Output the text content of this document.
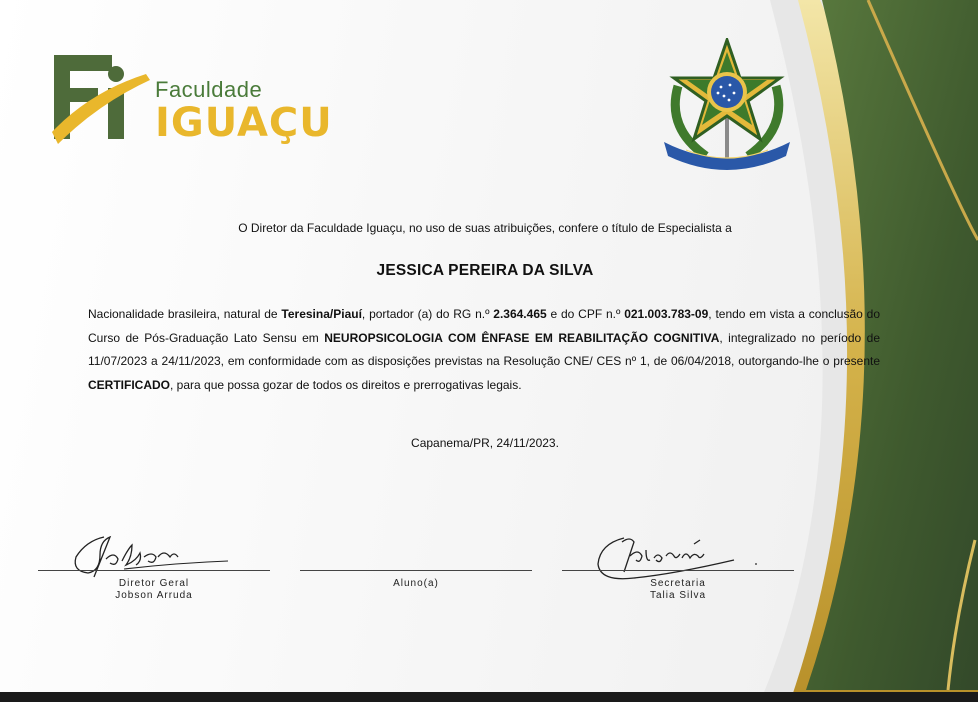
Faculdade
IGUAÇU
O Diretor da Faculdade Iguaçu, no uso de suas atribuições, confere o título de Especialista a
JESSICA PEREIRA DA SILVA
Nacionalidade brasileira, natural de Teresina/Piauí, portador (a) do RG n.º 2.364.465 e do CPF n.º 021.003.783-09, tendo em vista a conclusão do Curso de Pós-Graduação Lato Sensu em NEUROPSICOLOGIA COM ÊNFASE EM REABILITAÇÃO COGNITIVA, integralizado no período de 11/07/2023 a 24/11/2023, em conformidade com as disposições previstas na Resolução CNE/ CES nº 1, de 06/04/2018, outorgando-lhe o presente CERTIFICADO, para que possa gozar de todos os direitos e prerrogativas legais.
Capanema/PR, 24/11/2023.
Diretor Geral
Jobson Arruda
Aluno(a)	Secretaria
Talia Silva
